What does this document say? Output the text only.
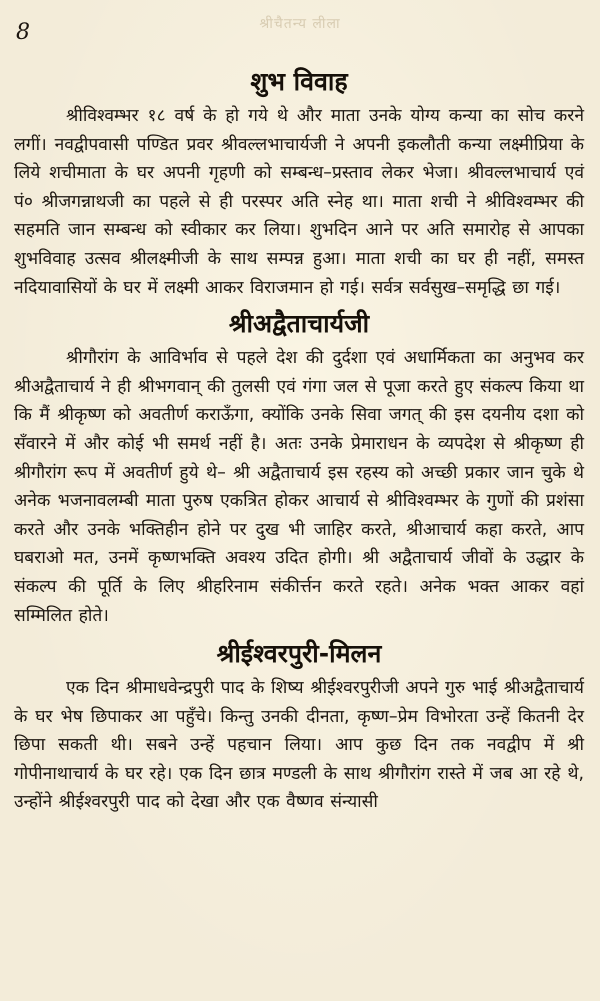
8	श्रीचैतन्य लीला
शुभ विवाह

श्रीविश्वम्भर १८ वर्ष के हो गये थे और माता उनके योग्य कन्या का सोच करने लगीं। नवद्वीपवासी पण्डित प्रवर श्रीवल्लभाचार्यजी ने अपनी इकलौती कन्या लक्ष्मीप्रिया के लिये शचीमाता के घर अपनी गृहणी को सम्बन्ध–प्रस्ताव लेकर भेजा। श्रीवल्लभाचार्य एवं पं० श्रीजगन्नाथजी का पहले से ही परस्पर अति स्नेह था। माता शची ने श्रीविश्वम्भर की सहमति जान सम्बन्ध को स्वीकार कर लिया। शुभदिन आने पर अति समारोह से आपका शुभविवाह उत्सव श्रीलक्ष्मीजी के साथ सम्पन्न हुआ। माता शची का घर ही नहीं, समस्त नदियावासियों के घर में लक्ष्मी आकर विराजमान हो गई। सर्वत्र सर्वसुख–समृद्धि छा गई।

श्रीअद्वैताचार्यजी

श्रीगौरांग के आविर्भाव से पहले देश की दुर्दशा एवं अधार्मिकता का अनुभव कर श्रीअद्वैताचार्य ने ही श्रीभगवान् की तुलसी एवं गंगा जल से पूजा करते हुए संकल्प किया था कि मैं श्रीकृष्ण को अवतीर्ण कराऊँगा, क्योंकि उनके सिवा जगत् की इस दयनीय दशा को सँवारने में और कोई भी समर्थ नहीं है। अतः उनके प्रेमाराधन के व्यपदेश से श्रीकृष्ण ही श्रीगौरांग रूप में अवतीर्ण हुये थे– श्री अद्वैताचार्य इस रहस्य को अच्छी प्रकार जान चुके थे अनेक भजनावलम्बी माता पुरुष एकत्रित होकर आचार्य से श्रीविश्वम्भर के गुणों की प्रशंसा करते और उनके भक्तिहीन होने पर दुख भी जाहिर करते, श्रीआचार्य कहा करते, आप घबराओ मत, उनमें कृष्णभक्ति अवश्य उदित होगी। श्री अद्वैताचार्य जीवों के उद्धार के संकल्प की पूर्ति के लिए श्रीहरिनाम संकीर्त्तन करते रहते। अनेक भक्त आकर वहां सम्मिलित होते।

श्रीईश्वरपुरी-मिलन

एक दिन श्रीमाधवेन्द्रपुरी पाद के शिष्य श्रीईश्वरपुरीजी अपने गुरु भाई श्रीअद्वैताचार्य के घर भेष छिपाकर आ पहुँचे। किन्तु उनकी दीनता, कृष्ण–प्रेम विभोरता उन्हें कितनी देर छिपा सकती थी। सबने उन्हें पहचान लिया। आप कुछ दिन तक नवद्वीप में श्री गोपीनाथाचार्य के घर रहे। एक दिन छात्र मण्डली के साथ श्रीगौरांग रास्ते में जब आ रहे थे, उन्होंने श्रीईश्वरपुरी पाद को देखा और एक वैष्णव संन्यासी
